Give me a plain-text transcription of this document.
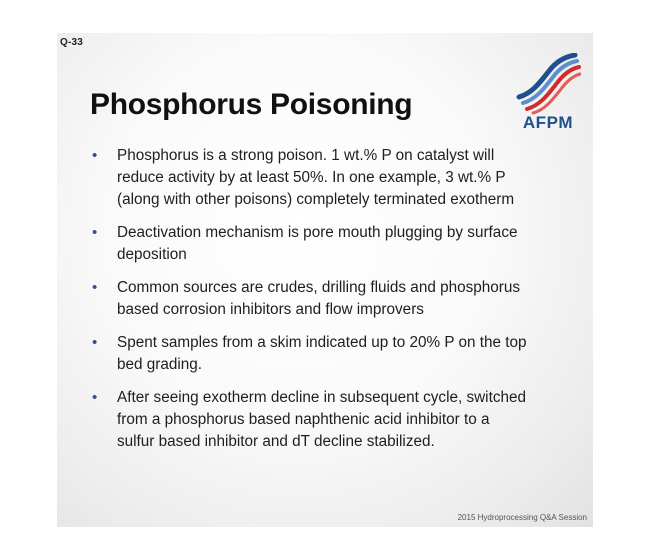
Q-33
Phosphorus Poisoning
AFPM
• Phosphorus is a strong poison. 1 wt.% P on catalyst will
reduce activity by at least 50%. In one example, 3 wt.% P
(along with other poisons) completely terminated exotherm
• Deactivation mechanism is pore mouth plugging by surface
deposition
• Common sources are crudes, drilling fluids and phosphorus
based corrosion inhibitors and flow improvers
• Spent samples from a skim indicated up to 20% P on the top
bed grading.
• After seeing exotherm decline in subsequent cycle, switched
from a phosphorus based naphthenic acid inhibitor to a
sulfur based inhibitor and dT decline stabilized.
2015 Hydroprocessing Q&A Session
